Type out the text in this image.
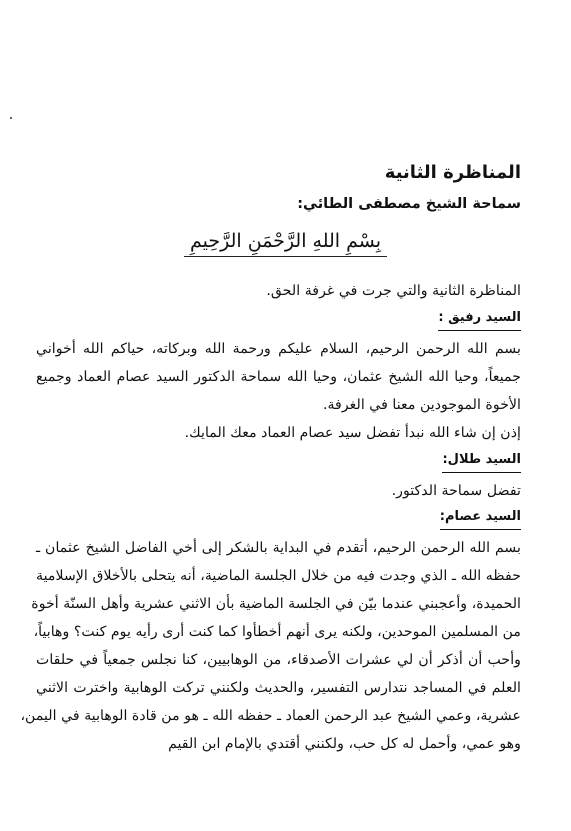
المناظرة الثانية
سماحة الشيخ مصطفى الطائي:
بِسْمِ اللهِ الرَّحْمَنِ الرَّحِيمِ
المناظرة الثانية والتي جرت في غرفة الحق.
السيد رفيق :
بسم الله الرحمن الرحيم، السلام عليكم ورحمة الله وبركاته، حياكم الله أخواني
جميعاً، وحيا الله الشيخ عثمان، وحيا الله سماحة الدكتور السيد عصام العماد وجميع
الأخوة الموجودين معنا في الغرفة.
إذن إن شاء الله نبدأ تفضل سيد عصام العماد معك المايك.
السيد طلال:
تفضل سماحة الدكتور.
السيد عصام:
بسم الله الرحمن الرحيم، أتقدم في البداية بالشكر إلى أخي الفاضل الشيخ عثمان ـ
حفظه الله ـ الذي وجدت فيه من خلال الجلسة الماضية، أنه يتحلى بالأخلاق الإسلامية
الحميدة، وأعجبني عندما بيّن في الجلسة الماضية بأن الاثني عشرية وأهل السنّة أخوة
من المسلمين الموحدين، ولكنه يرى أنهم أخطأوا كما كنت أرى رأيه يوم كنت؟ وهابياً،
وأحب أن أذكر أن لي عشرات الأصدقاء، من الوهابيين، كنا نجلس جمعياً في حلقات
العلم في المساجد نتدارس التفسير، والحديث ولكنني تركت الوهابية واخترت الاثني
عشرية، وعمي الشيخ عبد الرحمن العماد ـ حفظه الله ـ هو من قادة الوهابية في اليمن،
وهو عمي، وأحمل له كل حب، ولكنني أقتدي بالإمام ابن القيم
